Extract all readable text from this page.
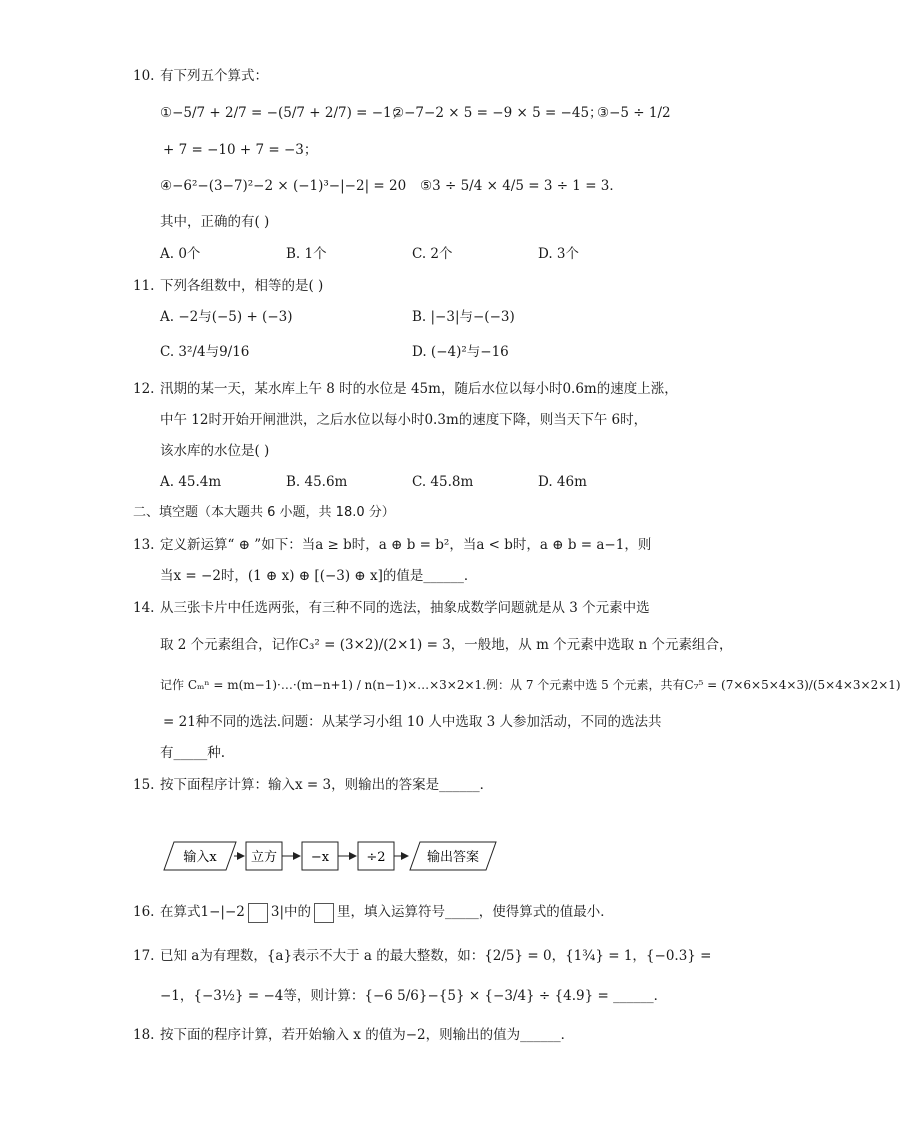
10. 有下列五个算式：
①−5/7 + 2/7 = −(5/7 + 2/7) = −1；
②−7−2 × 5 = −9 × 5 = −45；
③−5 ÷ 1/2
+ 7 = −10 + 7 = −3；
④−6²−(3−7)²−2 × (−1)³−|−2| = 20 ⑤3 ÷ 5/4 × 4/5 = 3 ÷ 1 = 3．
其中，正确的有( )
A. 0个	B. 1个	C. 2个	D. 3个
11. 下列各组数中，相等的是( )
A. −2与(−5) + (−3)	B. |−3|与−(−3)
C. 3²/4与9/16	D. (−4)²与−16
12. 汛期的某一天，某水库上午 8 时的水位是 45m，随后水位以每小时0.6m的速度上涨，
中午 12时开始开闸泄洪，之后水位以每小时0.3m的速度下降，则当天下午 6时，
该水库的水位是( )
A. 45.4m	B. 45.6m	C. 45.8m	D. 46m
二、填空题（本大题共 6 小题，共 18.0 分）
13. 定义新运算“ ⊕ ”如下：当a ≥ b时，a ⊕ b = b²，当a < b时，a ⊕ b = a−1，则
当x = −2时，(1 ⊕ x) ⊕ [(−3) ⊕ x]的值是______．
14. 从三张卡片中任选两张，有三种不同的选法，抽象成数学问题就是从 3 个元素中选
取 2 个元素组合，记作C₃² = (3×2)/(2×1) = 3，一般地，从 m 个元素中选取 n 个元素组合，
记作 Cₘⁿ = m(m−1)·…·(m−n+1) / n(n−1)×…×3×2×1.例：从 7 个元素中选 5 个元素，共有C₇⁵ = (7×6×5×4×3)/(5×4×3×2×1)
= 21种不同的选法.问题：从某学习小组 10 人中选取 3 人参加活动，不同的选法共
有_____种.
15. 按下面程序计算：输入x = 3，则输出的答案是______．
输入x	立方	−x	÷2	输出答案
16. 在算式1−|−2 3|中的 里，填入运算符号_____，使得算式的值最小．
17. 已知 a为有理数，{a}表示不大于 a 的最大整数，如：{2/5} = 0，{1¾} = 1，{−0.3} =
−1，{−3½} = −4等，则计算：{−6 5/6}−{5} × {−3/4} ÷ {4.9} = ______．
18. 按下面的程序计算，若开始输入 x 的值为−2，则输出的值为______．
